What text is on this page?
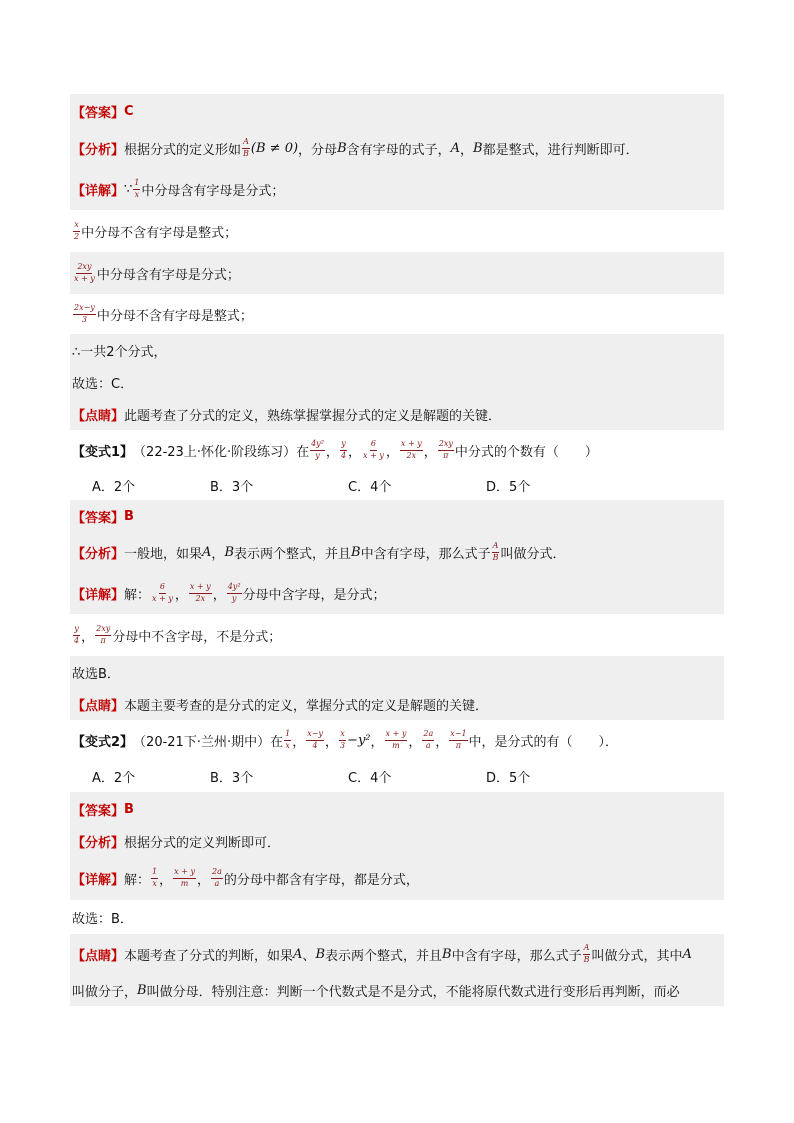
【答案】 C
【分析】 根据分式的定义形如 $\frac{A}{B} (B \ne 0)$ ，分母 B 含有字母的式子， A ， B 都是整式，进行判断即可．
【详解】 ∵ $\frac{1}{x}$ 中分母含有字母是分式；
$\frac{x}{2}$ 中分母不含有字母是整式；
$\frac{2xy}{x + y}$ 中分母含有字母是分式；
$\frac{2x-y}{3}$ 中分母不含有字母是整式；
∴一共2个分式，
故选：C．
【点睛】 此题考查了分式的定义，熟练掌握掌握分式的定义是解题的关键．
【变式1】 （22-23上·怀化·阶段练习）在 $\frac{\text{4y²}}{y}$ ， $\frac{y}{4}$ ， $\frac{6}{x + y}$ ， $\frac{x + y}{2x}$ ， $\frac{2xy}{\pi}$ 中分式的个数有（　　）
A．2个	B．3个	C．4个	D．5个
【答案】 B
【分析】 一般地，如果 A ， B 表示两个整式，并且 B 中含有字母，那么式子 $\frac{A}{B}$ 叫做分式．
【详解】 解： $\frac{6}{x + y}$ ， $\frac{x + y}{2x}$ ， $\frac{\text{4y²}}{y}$ 分母中含字母，是分式；
$\frac{y}{4}$ ， $\frac{2xy}{\pi}$ 分母中不含字母，不是分式；
故选B．
【点睛】 本题主要考查的是分式的定义，掌握分式的定义是解题的关键．
【变式2】 （20-21下·兰州·期中）在 $\frac{1}{x}$ ， $\frac{x-y}{4}$ ， $\frac{x}{3} -y^2$ ， $\frac{x + y}{m}$ ， $\frac{2a}{a}$ ， $\frac{x-1}{\pi}$ 中，是分式的有（　　）．
A．2个	B．3个	C．4个	D．5个
【答案】 B
【分析】 根据分式的定义判断即可．
【详解】 解： $\frac{1}{x}$ ， $\frac{x + y}{m}$ ， $\frac{2a}{a}$ 的分母中都含有字母，都是分式，
故选：B．
【点睛】 本题考查了分式的判断，如果 A 、 B 表示两个整式，并且 B 中含有字母，那么式子 $\frac{A}{B}$ 叫做分式，其中 A
叫做分子， B 叫做分母．特别注意：判断一个代数式是不是分式，不能将原代数式进行变形后再判断，而必
